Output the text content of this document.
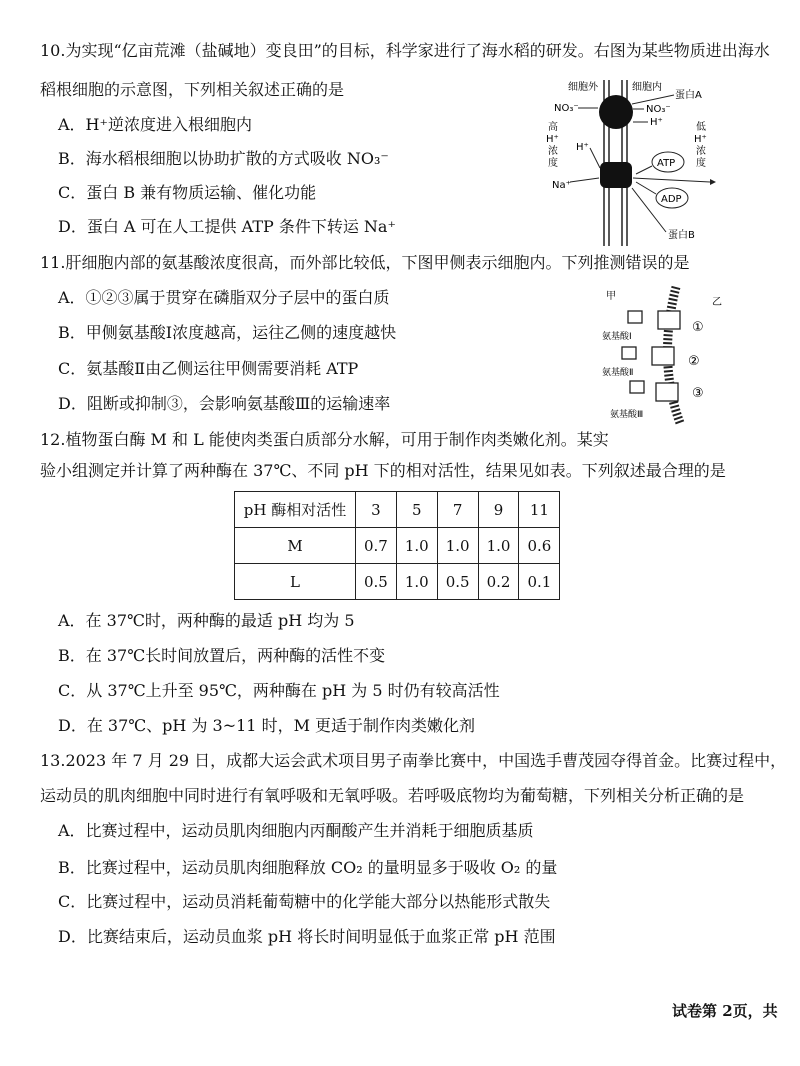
10.为实现“亿亩荒滩（盐碱地）变良田”的目标，科学家进行了海水稻的研发。右图为某些物质进出海水
稻根细胞的示意图，下列相关叙述正确的是
A．H⁺逆浓度进入根细胞内
B．海水稻根细胞以协助扩散的方式吸收 NO₃⁻
C．蛋白 B 兼有物质运输、催化功能
D．蛋白 A 可在人工提供 ATP 条件下转运 Na⁺
细胞外	细胞内
蛋白A
NO₃⁻	NO₃⁻
H⁺
高
H⁺
浓
度
低
H⁺
浓
度
H⁺
Na⁺
ATP
ADP
蛋白B
11.肝细胞内部的氨基酸浓度很高，而外部比较低，下图甲侧表示细胞内。下列推测错误的是
A．①②③属于贯穿在磷脂双分子层中的蛋白质
B．甲侧氨基酸Ⅰ浓度越高，运往乙侧的速度越快
C．氨基酸Ⅱ由乙侧运往甲侧需要消耗 ATP
D．阻断或抑制③，会影响氨基酸Ⅲ的运输速率
甲
乙
氨基酸Ⅰ
氨基酸Ⅱ
氨基酸Ⅲ
①
②
③
12.植物蛋白酶 M 和 L 能使肉类蛋白质部分水解，可用于制作肉类嫩化剂。某实
验小组测定并计算了两种酶在 37℃、不同 pH 下的相对活性，结果见如表。下列叙述最合理的是
pH 酶相对活性	3	5	7	9	11
M	0.7	1.0	1.0	1.0	0.6
L	0.5	1.0	0.5	0.2	0.1
A．在 37℃时，两种酶的最适 pH 均为 5
B．在 37℃长时间放置后，两种酶的活性不变
C．从 37℃上升至 95℃，两种酶在 pH 为 5 时仍有较高活性
D．在 37℃、pH 为 3~11 时，M 更适于制作肉类嫩化剂
13.2023 年 7 月 29 日，成都大运会武术项目男子南拳比赛中，中国选手曹茂园夺得首金。比赛过程中，
运动员的肌肉细胞中同时进行有氧呼吸和无氧呼吸。若呼吸底物均为葡萄糖，下列相关分析正确的是
A．比赛过程中，运动员肌肉细胞内丙酮酸产生并消耗于细胞质基质
B．比赛过程中，运动员肌肉细胞释放 CO₂ 的量明显多于吸收 O₂ 的量
C．比赛过程中，运动员消耗葡萄糖中的化学能大部分以热能形式散失
D．比赛结束后，运动员血浆 pH 将长时间明显低于血浆正常 pH 范围
试卷第 2页，共
